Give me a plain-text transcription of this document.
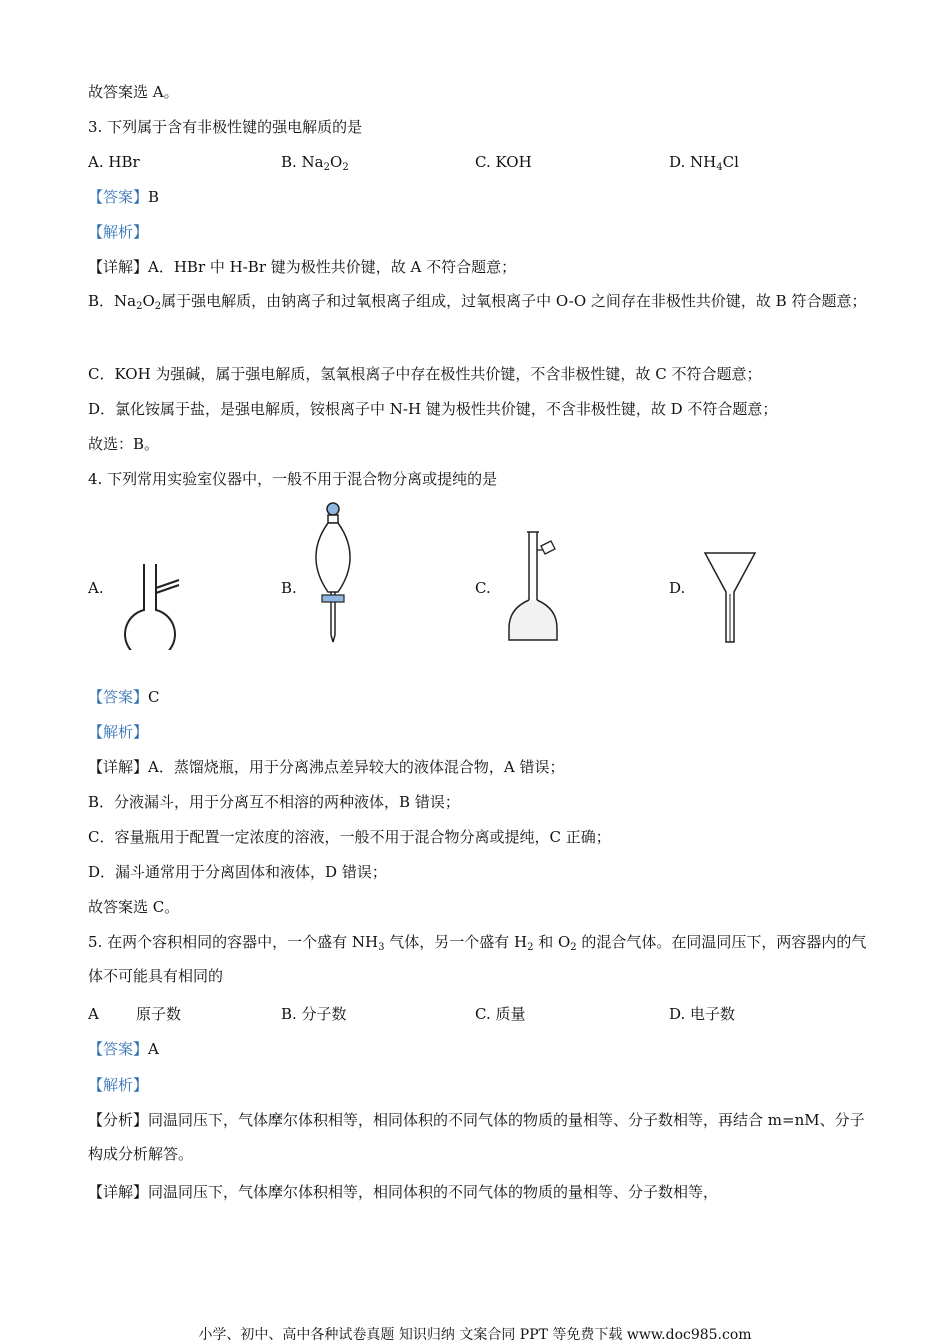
故答案选 A。
3. 下列属于含有非极性键的强电解质的是
A. HBr	B. $Na_2O_2$	C. KOH	D. $NH_4Cl$
【答案】B
【解析】
【详解】A．HBr 中 H-Br 键为极性共价键，故 A 不符合题意；
B．$Na_2O_2$属于强电解质，由钠离子和过氧根离子组成，过氧根离子中 O-O 之间存在非极性共价键，故 B 符合题意；
C．KOH 为强碱，属于强电解质，氢氧根离子中存在极性共价键，不含非极性键，故 C 不符合题意；
D．氯化铵属于盐，是强电解质，铵根离子中 N-H 键为极性共价键，不含非极性键，故 D 不符合题意；
故选：B。
4. 下列常用实验室仪器中，一般不用于混合物分离或提纯的是
A.	B.	C.	D.
【答案】C
【解析】
【详解】A．蒸馏烧瓶，用于分离沸点差异较大的液体混合物，A 错误；
B．分液漏斗，用于分离互不相溶的两种液体，B 错误；
C．容量瓶用于配置一定浓度的溶液，一般不用于混合物分离或提纯，C 正确；
D．漏斗通常用于分离固体和液体，D 错误；
故答案选 C。
5. 在两个容积相同的容器中，一个盛有 $NH_3$ 气体，另一个盛有 $H_2$ 和 $O_2$ 的混合气体。在同温同压下，两容器内的气体不可能具有相同的
A 原子数	B. 分子数	C. 质量	D. 电子数
【答案】A
【解析】
【分析】同温同压下，气体摩尔体积相等，相同体积的不同气体的物质的量相等、分子数相等，再结合 m=nM、分子构成分析解答。
【详解】同温同压下，气体摩尔体积相等，相同体积的不同气体的物质的量相等、分子数相等，
小学、初中、高中各种试卷真题 知识归纳 文案合同 PPT 等免费下载 www.doc985.com
